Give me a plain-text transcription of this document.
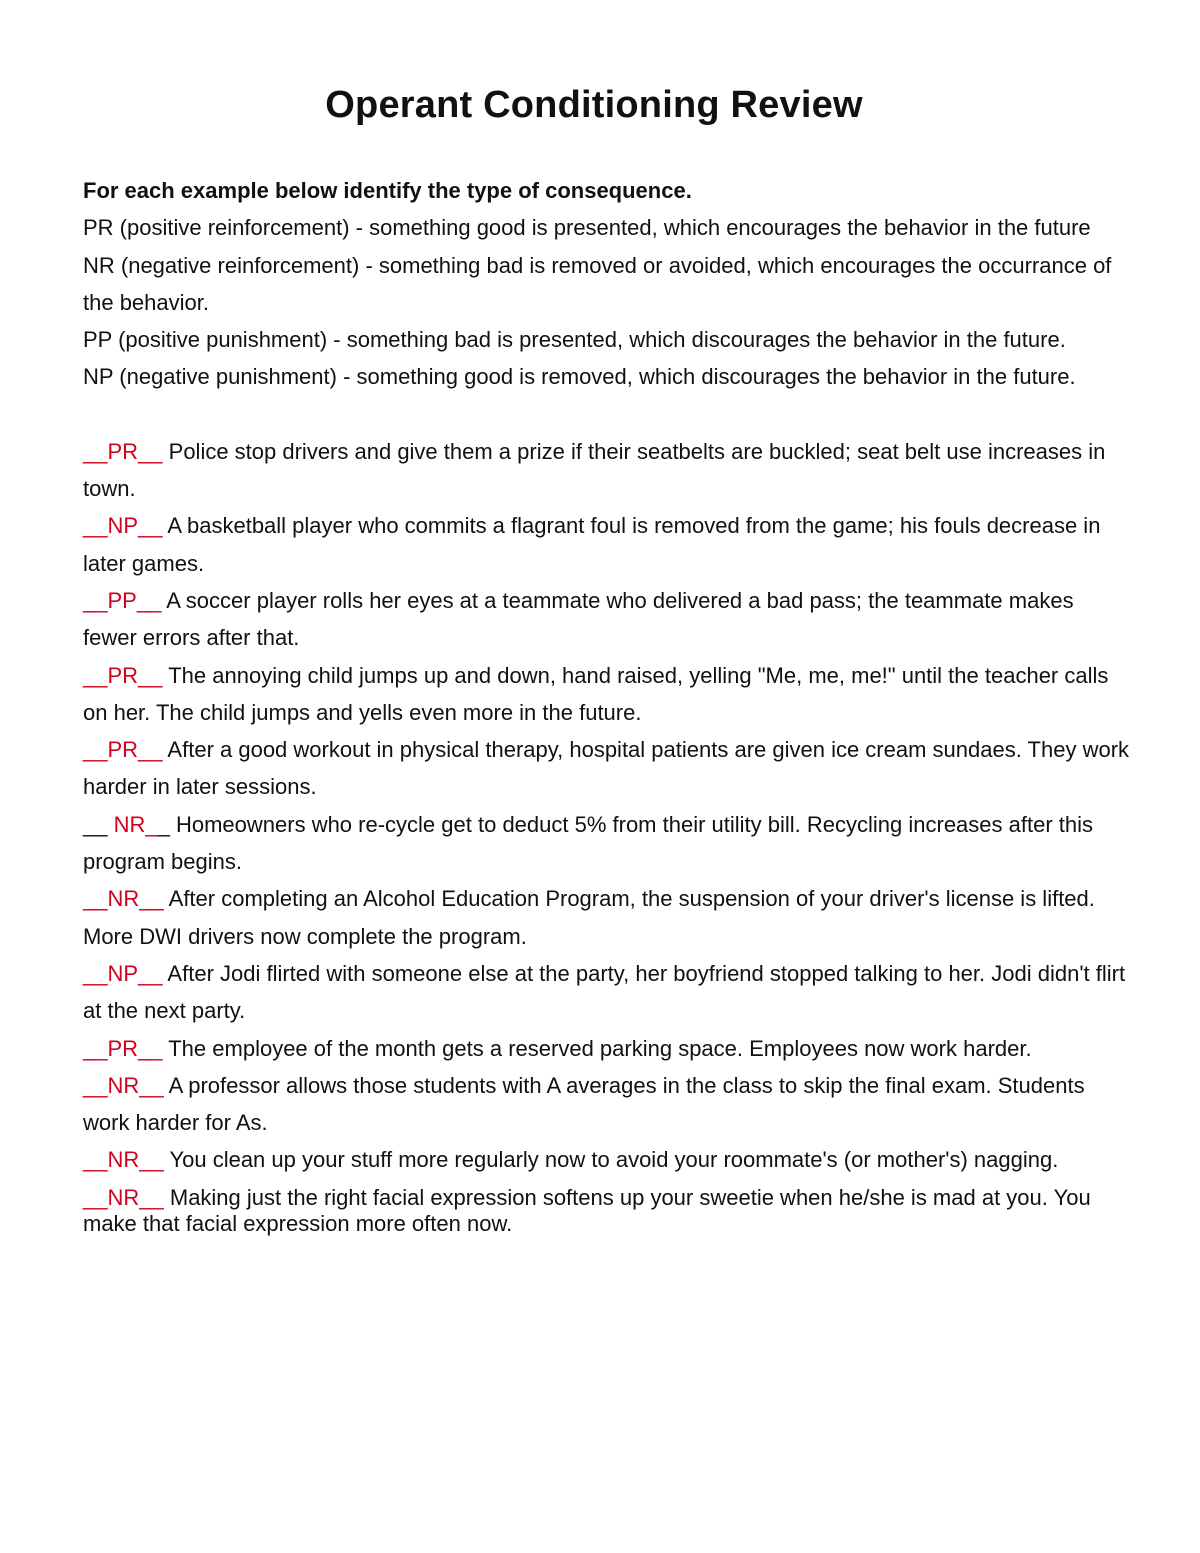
Operant Conditioning Review

For each example below identify the type of consequence.

PR (positive reinforcement) - something good is presented, which encourages the behavior in the future

NR (negative reinforcement) - something bad is removed or avoided, which encourages the occurrance of the behavior.

PP (positive punishment) - something bad is presented, which discourages the behavior in the future.

NP (negative punishment) - something good is removed, which discourages the behavior in the future.

__PR__ Police stop drivers and give them a prize if their seatbelts are buckled; seat belt use increases in town.

__NP__ A basketball player who commits a flagrant foul is removed from the game; his fouls decrease in later games.

__PP__ A soccer player rolls her eyes at a teammate who delivered a bad pass; the teammate makes fewer errors after that.

__PR__ The annoying child jumps up and down, hand raised, yelling "Me, me, me!" until the teacher calls on her. The child jumps and yells even more in the future.

__PR__ After a good workout in physical therapy, hospital patients are given ice cream sundaes. They work harder in later sessions.

__ NR__ Homeowners who re-cycle get to deduct 5% from their utility bill. Recycling increases after this program begins.

__NR__ After completing an Alcohol Education Program, the suspension of your driver's license is lifted. More DWI drivers now complete the program.

__NP__ After Jodi flirted with someone else at the party, her boyfriend stopped talking to her. Jodi didn't flirt at the next party.

__PR__ The employee of the month gets a reserved parking space. Employees now work harder.

__NR__ A professor allows those students with A averages in the class to skip the final exam. Students work harder for As.

__NR__ You clean up your stuff more regularly now to avoid your roommate's (or mother's) nagging.

__NR__ Making just the right facial expression softens up your sweetie when he/she is mad at you. You make that facial expression more often now.
